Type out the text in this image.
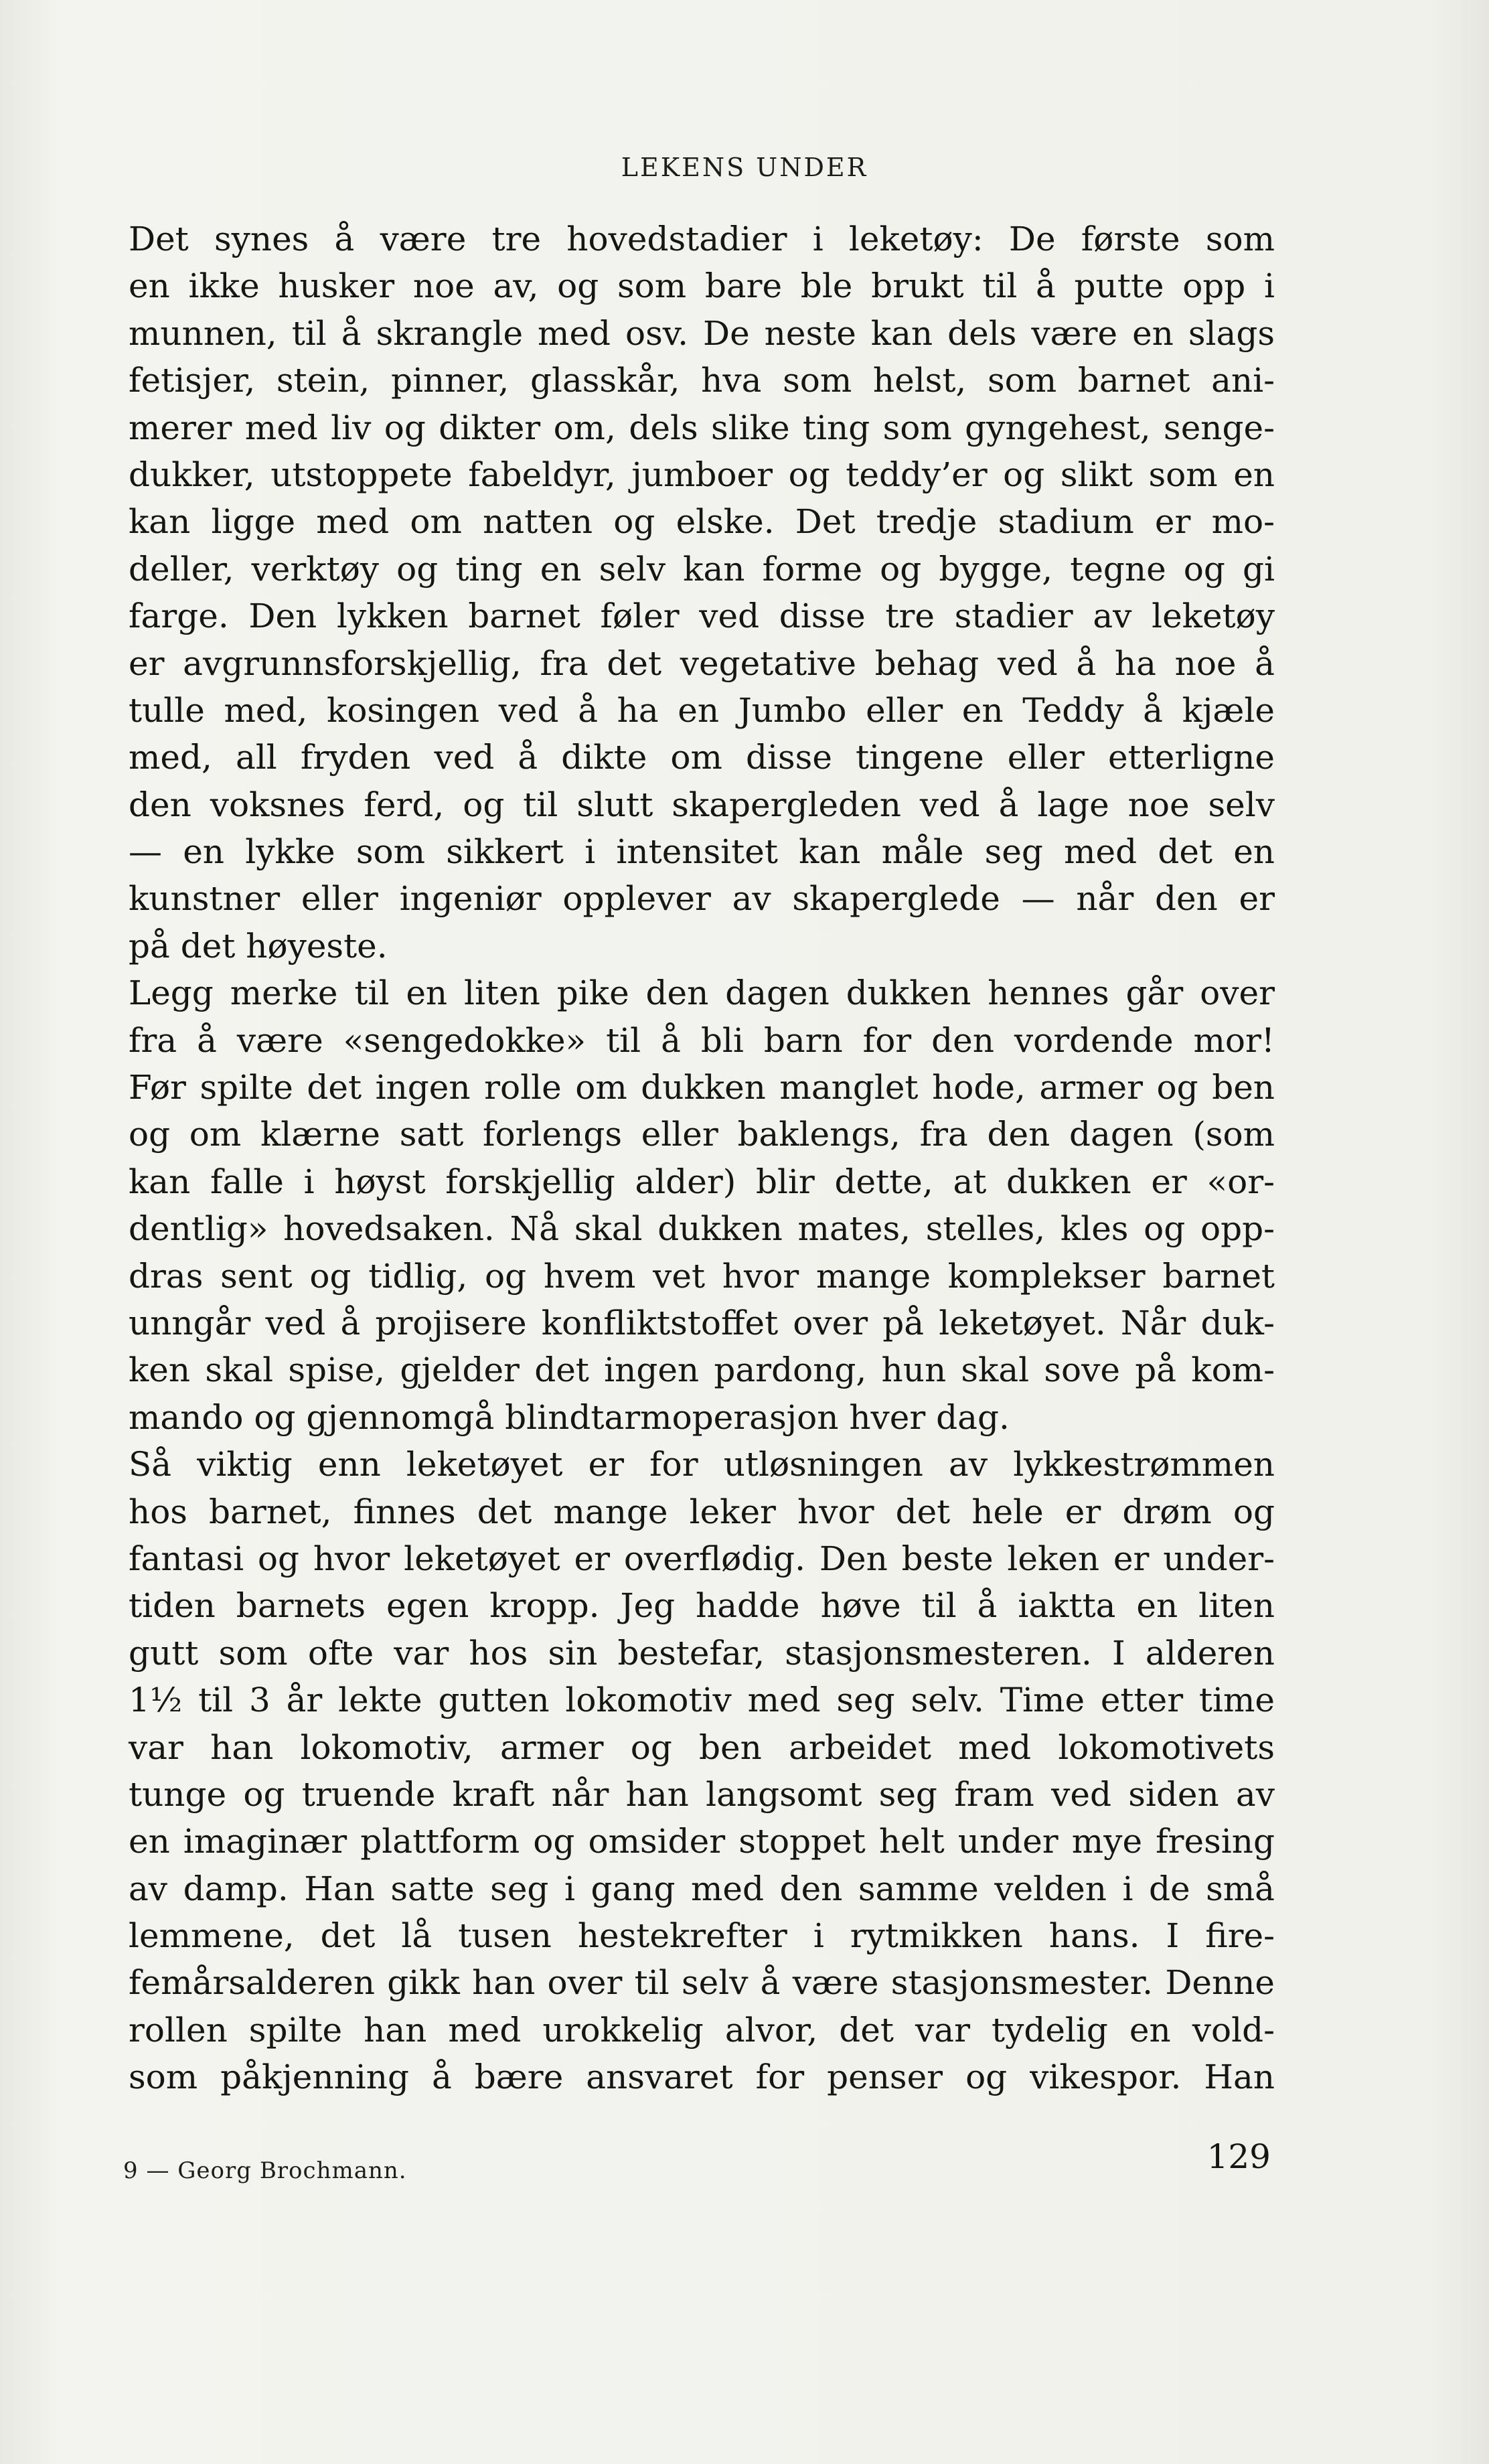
LEKENS UNDER
Det synes å være tre hovedstadier i leketøy: De første som
en ikke husker noe av, og som bare ble brukt til å putte opp i
munnen, til å skrangle med osv. De neste kan dels være en slags
fetisjer, stein, pinner, glasskår, hva som helst, som barnet ani-
merer med liv og dikter om, dels slike ting som gyngehest, senge-
dukker, utstoppete fabeldyr, jumboer og teddy’er og slikt som en
kan ligge med om natten og elske. Det tredje stadium er mo-
deller, verktøy og ting en selv kan forme og bygge, tegne og gi
farge. Den lykken barnet føler ved disse tre stadier av leketøy
er avgrunnsforskjellig, fra det vegetative behag ved å ha noe å
tulle med, kosingen ved å ha en Jumbo eller en Teddy å kjæle
med, all fryden ved å dikte om disse tingene eller etterligne
den voksnes ferd, og til slutt skapergleden ved å lage noe selv
— en lykke som sikkert i intensitet kan måle seg med det en
kunstner eller ingeniør opplever av skaperglede — når den er
på det høyeste.
Legg merke til en liten pike den dagen dukken hennes går over
fra å være «sengedokke» til å bli barn for den vordende mor!
Før spilte det ingen rolle om dukken manglet hode, armer og ben
og om klærne satt forlengs eller baklengs, fra den dagen (som
kan falle i høyst forskjellig alder) blir dette, at dukken er «or-
dentlig» hovedsaken. Nå skal dukken mates, stelles, kles og opp-
dras sent og tidlig, og hvem vet hvor mange komplekser barnet
unngår ved å projisere konfliktstoffet over på leketøyet. Når duk-
ken skal spise, gjelder det ingen pardong, hun skal sove på kom-
mando og gjennomgå blindtarmoperasjon hver dag.
Så viktig enn leketøyet er for utløsningen av lykkestrømmen
hos barnet, finnes det mange leker hvor det hele er drøm og
fantasi og hvor leketøyet er overflødig. Den beste leken er under-
tiden barnets egen kropp. Jeg hadde høve til å iaktta en liten
gutt som ofte var hos sin bestefar, stasjonsmesteren. I alderen
1½ til 3 år lekte gutten lokomotiv med seg selv. Time etter time
var han lokomotiv, armer og ben arbeidet med lokomotivets
tunge og truende kraft når han langsomt seg fram ved siden av
en imaginær plattform og omsider stoppet helt under mye fresing
av damp. Han satte seg i gang med den samme velden i de små
lemmene, det lå tusen hestekrefter i rytmikken hans. I fire-
femårsalderen gikk han over til selv å være stasjonsmester. Denne
rollen spilte han med urokkelig alvor, det var tydelig en vold-
som påkjenning å bære ansvaret for penser og vikespor. Han
9 — Georg Brochmann.	129
